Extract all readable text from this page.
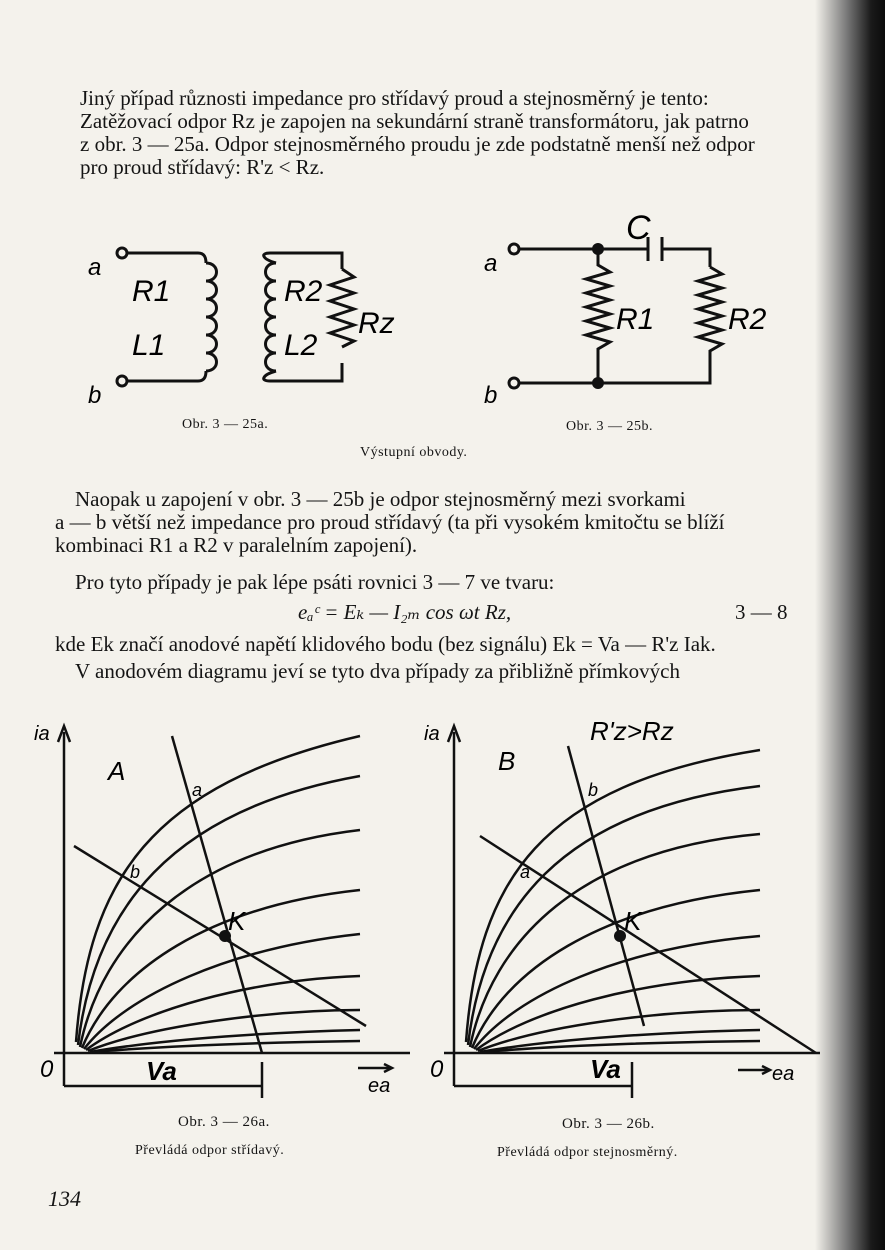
Jiný případ různosti impedance pro střídavý proud a stejnosměrný je tento:
Zatěžovací odpor Rz je zapojen na sekundární straně transformátoru, jak patrno
z obr. 3 — 25a. Odpor stejnosměrného proudu je zde podstatně menší než odpor
pro proud střídavý: R'z < Rz.
a
b
R1
L1
R2
L2
Rz
a
b
C
R1 R2
Obr. 3 — 25a.	Obr. 3 — 25b.
Výstupní obvody.
Naopak u zapojení v obr. 3 — 25b je odpor stejnosměrný mezi svorkami
a — b větší než impedance pro proud střídavý (ta při vysokém kmitočtu se blíží
kombinaci R1 a R2 v paralelním zapojení).
Pro tyto případy je pak lépe psáti rovnici 3 — 7 ve tvaru:
eₐᶜ = Eₖ — I₂ₘ cos ωt Rz,	3 — 8
kde Ek značí anodové napětí klidového bodu (bez signálu) Ek = Va — R'z Iak.
V anodovém diagramu jeví se tyto dva případy za přibližně přímkových
ia
0
ea
Va
A
a
b
K
ia
0	ea
Va
B
a
b
K
R'z>Rz
Obr. 3 — 26a.
Převládá odpor střídavý.
Obr. 3 — 26b.
Převládá odpor stejnosměrný.
134
